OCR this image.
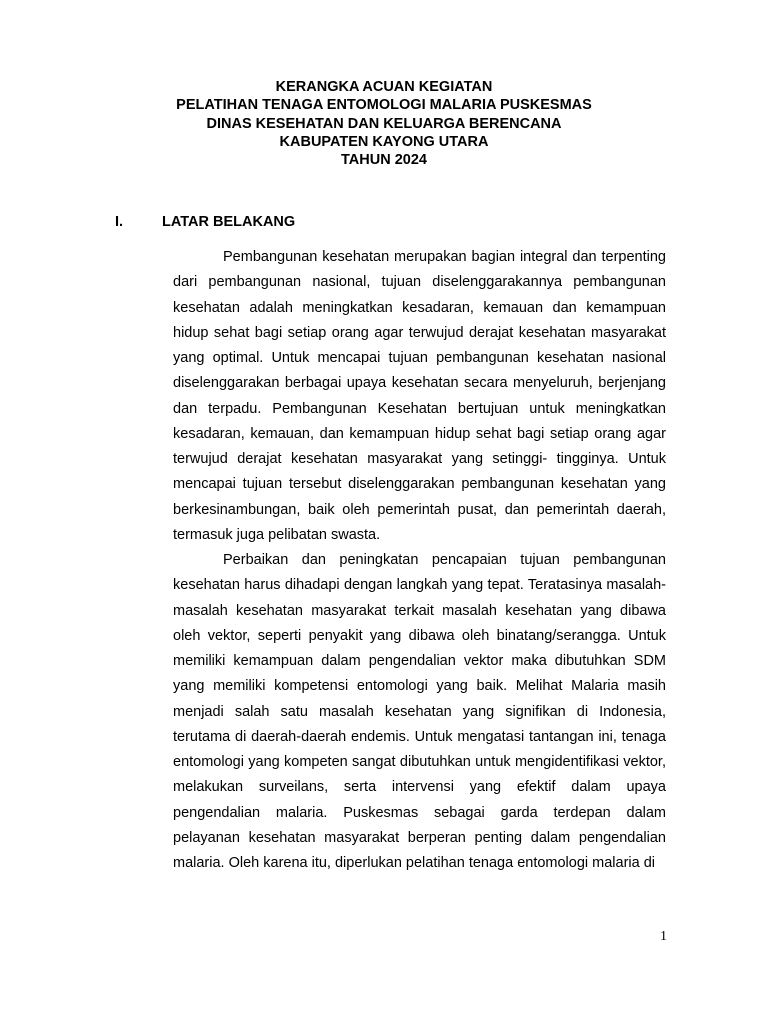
KERANGKA ACUAN KEGIATAN
PELATIHAN TENAGA ENTOMOLOGI MALARIA PUSKESMAS
DINAS KESEHATAN DAN KELUARGA BERENCANA
KABUPATEN KAYONG UTARA
TAHUN 2024
I.	LATAR BELAKANG

Pembangunan kesehatan merupakan bagian integral dan terpenting dari pembangunan nasional, tujuan diselenggarakannya pembangunan kesehatan adalah meningkatkan kesadaran, kemauan dan kemampuan hidup sehat bagi setiap orang agar terwujud derajat kesehatan masyarakat yang optimal. Untuk mencapai tujuan pembangunan kesehatan nasional diselenggarakan berbagai upaya kesehatan secara menyeluruh, berjenjang dan terpadu. Pembangunan Kesehatan bertujuan untuk meningkatkan kesadaran, kemauan, dan kemampuan hidup sehat bagi setiap orang agar terwujud derajat kesehatan masyarakat yang setinggi- tingginya. Untuk mencapai tujuan tersebut diselenggarakan pembangunan kesehatan yang berkesinambungan, baik oleh pemerintah pusat, dan pemerintah daerah, termasuk juga pelibatan swasta.

Perbaikan dan peningkatan pencapaian tujuan pembangunan kesehatan harus dihadapi dengan langkah yang tepat. Teratasinya masalah-masalah kesehatan masyarakat terkait masalah kesehatan yang dibawa oleh vektor, seperti penyakit yang dibawa oleh binatang/serangga. Untuk memiliki kemampuan dalam pengendalian vektor maka dibutuhkan SDM yang memiliki kompetensi entomologi yang baik. Melihat Malaria masih menjadi salah satu masalah kesehatan yang signifikan di Indonesia, terutama di daerah-daerah endemis. Untuk mengatasi tantangan ini, tenaga entomologi yang kompeten sangat dibutuhkan untuk mengidentifikasi vektor, melakukan surveilans, serta intervensi yang efektif dalam upaya pengendalian malaria. Puskesmas sebagai garda terdepan dalam pelayanan kesehatan masyarakat berperan penting dalam pengendalian malaria. Oleh karena itu, diperlukan pelatihan tenaga entomologi malaria di

1
